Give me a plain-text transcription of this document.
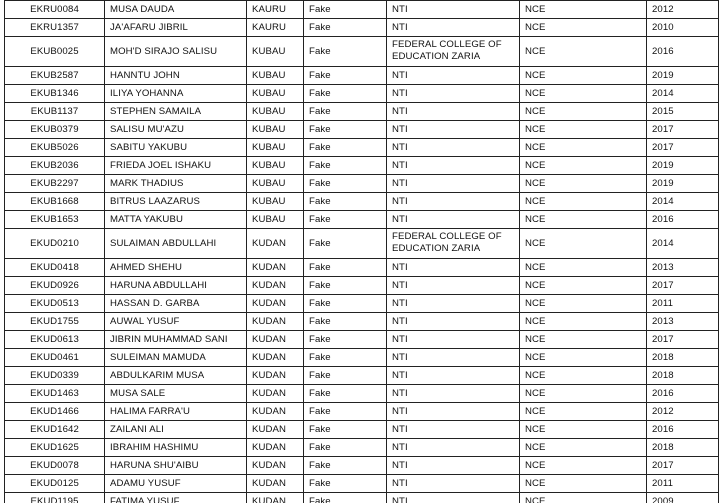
EKRU0084	MUSA DAUDA	KAURU	Fake	NTI	NCE	2012
EKRU1357	JA'AFARU JIBRIL	KAURU	Fake	NTI	NCE	2010
EKUB0025	MOH'D SIRAJO SALISU	KUBAU	Fake	FEDERAL COLLEGE OF EDUCATION ZARIA	NCE	2016
EKUB2587	HANNTU JOHN	KUBAU	Fake	NTI	NCE	2019
EKUB1346	ILIYA YOHANNA	KUBAU	Fake	NTI	NCE	2014
EKUB1137	STEPHEN SAMAILA	KUBAU	Fake	NTI	NCE	2015
EKUB0379	SALISU MU'AZU	KUBAU	Fake	NTI	NCE	2017
EKUB5026	SABITU YAKUBU	KUBAU	Fake	NTI	NCE	2017
EKUB2036	FRIEDA JOEL ISHAKU	KUBAU	Fake	NTI	NCE	2019
EKUB2297	MARK THADIUS	KUBAU	Fake	NTI	NCE	2019
EKUB1668	BITRUS LAAZARUS	KUBAU	Fake	NTI	NCE	2014
EKUB1653	MATTA YAKUBU	KUBAU	Fake	NTI	NCE	2016
EKUD0210	SULAIMAN ABDULLAHI	KUDAN	Fake	FEDERAL COLLEGE OF EDUCATION ZARIA	NCE	2014
EKUD0418	AHMED SHEHU	KUDAN	Fake	NTI	NCE	2013
EKUD0926	HARUNA ABDULLAHI	KUDAN	Fake	NTI	NCE	2017
EKUD0513	HASSAN D. GARBA	KUDAN	Fake	NTI	NCE	2011
EKUD1755	AUWAL YUSUF	KUDAN	Fake	NTI	NCE	2013
EKUD0613	JIBRIN MUHAMMAD SANI	KUDAN	Fake	NTI	NCE	2017
EKUD0461	SULEIMAN MAMUDA	KUDAN	Fake	NTI	NCE	2018
EKUD0339	ABDULKARIM MUSA	KUDAN	Fake	NTI	NCE	2018
EKUD1463	MUSA SALE	KUDAN	Fake	NTI	NCE	2016
EKUD1466	HALIMA FARRA'U	KUDAN	Fake	NTI	NCE	2012
EKUD1642	ZAILANI ALI	KUDAN	Fake	NTI	NCE	2016
EKUD1625	IBRAHIM HASHIMU	KUDAN	Fake	NTI	NCE	2018
EKUD0078	HARUNA SHU'AIBU	KUDAN	Fake	NTI	NCE	2017
EKUD0125	ADAMU YUSUF	KUDAN	Fake	NTI	NCE	2011
EKUD1195	FATIMA YUSUF	KUDAN	Fake	NTI	NCE	2009
